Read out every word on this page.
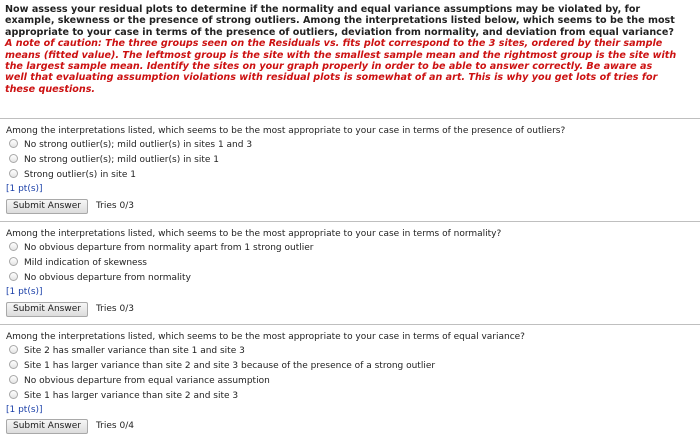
Now assess your residual plots to determine if the normality and equal variance assumptions may be violated by, for
example, skewness or the presence of strong outliers. Among the interpretations listed below, which seems to be the most
appropriate to your case in terms of the presence of outliers, deviation from normality, and deviation from equal variance?
A note of caution: The three groups seen on the Residuals vs. fits plot correspond to the 3 sites, ordered by their sample
means (fitted value). The leftmost group is the site with the smallest sample mean and the rightmost group is the site with
the largest sample mean. Identify the sites on your graph properly in order to be able to answer correctly. Be aware as
well that evaluating assumption violations with residual plots is somewhat of an art. This is why you get lots of tries for
these questions.
Among the interpretations listed, which seems to be the most appropriate to your case in terms of the presence of outliers?
No strong outlier(s); mild outlier(s) in sites 1 and 3
No strong outlier(s); mild outlier(s) in site 1
Strong outlier(s) in site 1
[1 pt(s)]
Submit Answer	Tries 0/3
Among the interpretations listed, which seems to be the most appropriate to your case in terms of normality?
No obvious departure from normality apart from 1 strong outlier
Mild indication of skewness
No obvious departure from normality
[1 pt(s)]
Submit Answer	Tries 0/3
Among the interpretations listed, which seems to be the most appropriate to your case in terms of equal variance?
Site 2 has smaller variance than site 1 and site 3
Site 1 has larger variance than site 2 and site 3 because of the presence of a strong outlier
No obvious departure from equal variance assumption
Site 1 has larger variance than site 2 and site 3
[1 pt(s)]
Submit Answer	Tries 0/4
